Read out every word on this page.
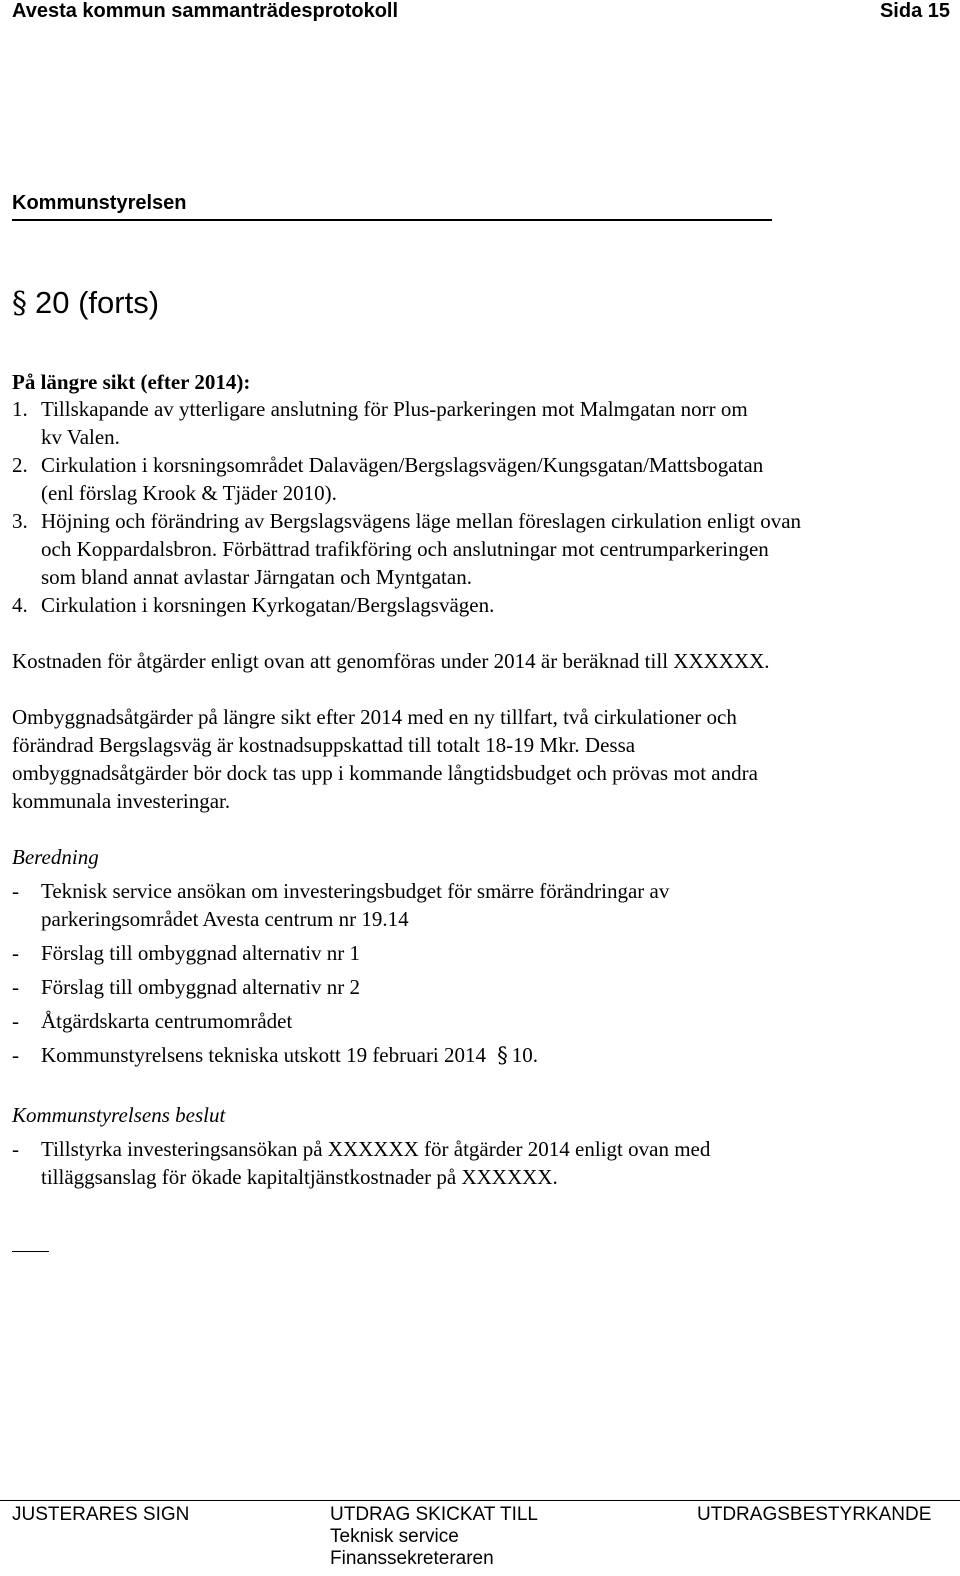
Avesta kommun sammanträdesprotokoll	Sida 15
Kommunstyrelsen
§ 20 (forts)
På längre sikt (efter 2014):
1. Tillskapande av ytterligare anslutning för Plus-parkeringen mot Malmgatan norr om
kv Valen.
2. Cirkulation i korsningsområdet Dalavägen/Bergslagsvägen/Kungsgatan/Mattsbogatan
(enl förslag Krook & Tjäder 2010).
3. Höjning och förändring av Bergslagsvägens läge mellan föreslagen cirkulation enligt ovan
och Koppardalsbron. Förbättrad trafikföring och anslutningar mot centrumparkeringen
som bland annat avlastar Järngatan och Myntgatan.
4. Cirkulation i korsningen Kyrkogatan/Bergslagsvägen.
Kostnaden för åtgärder enligt ovan att genomföras under 2014 är beräknad till XXXXXX.
Ombyggnadsåtgärder på längre sikt efter 2014 med en ny tillfart, två cirkulationer och
förändrad Bergslagsväg är kostnadsuppskattad till totalt 18-19 Mkr. Dessa
ombyggnadsåtgärder bör dock tas upp i kommande långtidsbudget och prövas mot andra
kommunala investeringar.
Beredning
- Teknisk service ansökan om investeringsbudget för smärre förändringar av
parkeringsområdet Avesta centrum nr 19.14
- Förslag till ombyggnad alternativ nr 1
- Förslag till ombyggnad alternativ nr 2
- Åtgärdskarta centrumområdet
- Kommunstyrelsens tekniska utskott 19 februari 2014 § 10.
Kommunstyrelsens beslut
- Tillstyrka investeringsansökan på XXXXXX för åtgärder 2014 enligt ovan med
tilläggsanslag för ökade kapitaltjänstkostnader på XXXXXX.
JUSTERARES SIGN	UTDRAG SKICKAT TILL
Teknisk service
Finanssekreteraren
UTDRAGSBESTYRKANDE
